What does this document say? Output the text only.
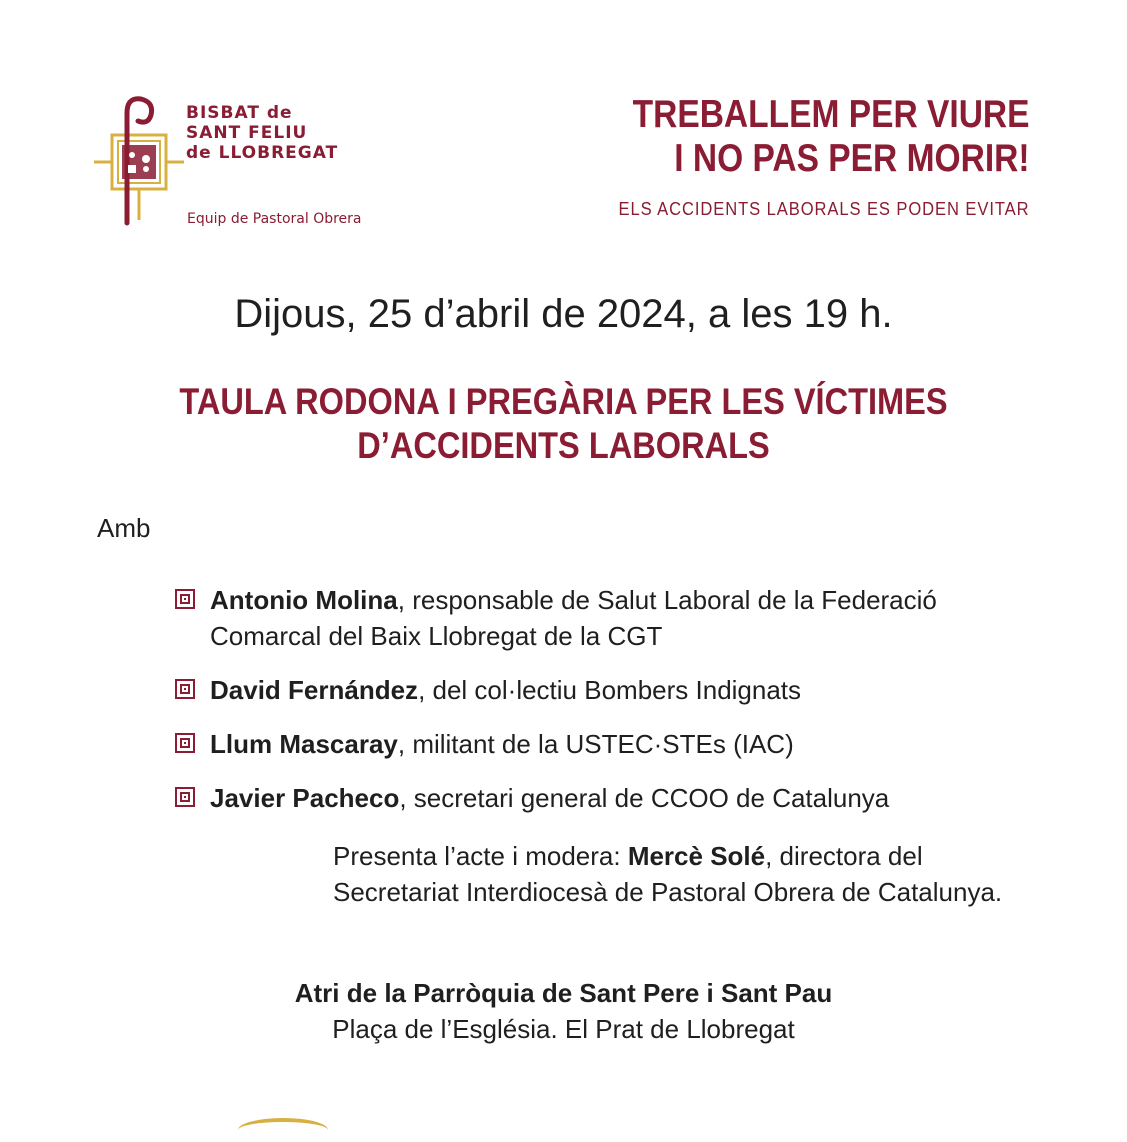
BISBAT de
SANT FELIU
de LLOBREGAT
Equip de Pastoral Obrera
TREBALLEM PER VIURE
I NO PAS PER MORIR!
ELS ACCIDENTS LABORALS ES PODEN EVITAR
Dijous, 25 d’abril de 2024, a les 19 h.
TAULA RODONA I PREGÀRIA PER LES VÍCTIMES
D’ACCIDENTS LABORALS
Amb
Antonio Molina, responsable de Salut Laboral de la Federació Comarcal del Baix Llobregat de la CGT
David Fernández, del col·lectiu Bombers Indignats
Llum Mascaray, militant de la USTEC·STEs (IAC)
Javier Pacheco, secretari general de CCOO de Catalunya
Presenta l’acte i modera: Mercè Solé, directora del Secretariat Interdiocesà de Pastoral Obrera de Catalunya.
Atri de la Parròquia de Sant Pere i Sant Pau
Plaça de l’Església. El Prat de Llobregat
